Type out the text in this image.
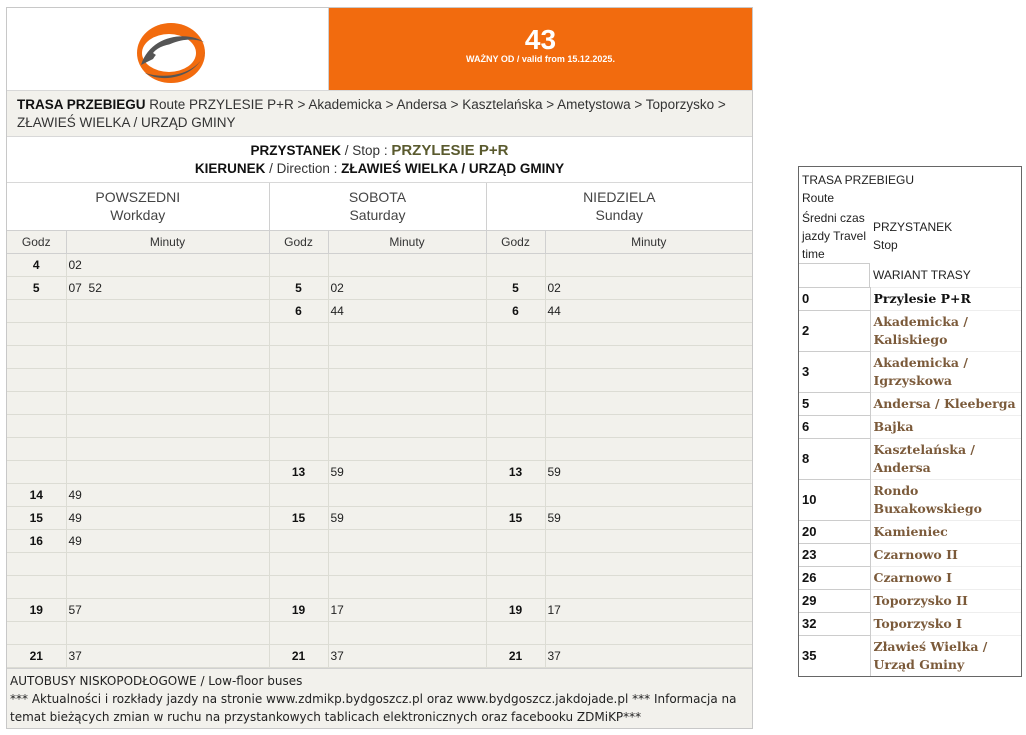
43
WAŻNY OD / valid from 15.12.2025.
TRASA PRZEBIEGU Route PRZYLESIE P+R > Akademicka > Andersa > Kasztelańska > Ametystowa > Toporzysko > ZŁAWIEŚ WIELKA / URZĄD GMINY
PRZYSTANEK / Stop : PRZYLESIE P+R
KIERUNEK / Direction : ZŁAWIEŚ WIELKA / URZĄD GMINY
POWSZEDNI
Workday		SOBOTA
Saturday		NIEDZIELA
Sunday	
Godz	Minuty	Godz	Minuty	Godz	Minuty
4	02				
5	07  52	5	02	5	02
		6	44	6	44

		13	59	13	59
14	49				
15	49	15	59	15	59
16	49				

19	57	19	17	19	17

21	37	21	37	21	37
AUTOBUSY NISKOPODŁOGOWE / Low-floor buses
*** Aktualności i rozkłady jazdy na stronie www.zdmikp.bydgoszcz.pl oraz www.bydgoszcz.jakdojade.pl *** Informacja na temat bieżących zmian w ruchu na przystankowych tablicach elektronicznych oraz facebooku ZDMiKP***
TRASA PRZEBIEGU
Route
Średni czas jazdy Travel time
PRZYSTANEK
Stop
WARIANT TRASY
0	Przylesie P+R
2	Akademicka / Kaliskiego
3	Akademicka / Igrzyskowa
5	Andersa / Kleeberga
6	Bajka
8	Kasztelańska / Andersa
10	Rondo Buxakowskiego
20	Kamieniec
23	Czarnowo II
26	Czarnowo I
29	Toporzysko II
32	Toporzysko I
35	Zławieś Wielka / Urząd Gminy
